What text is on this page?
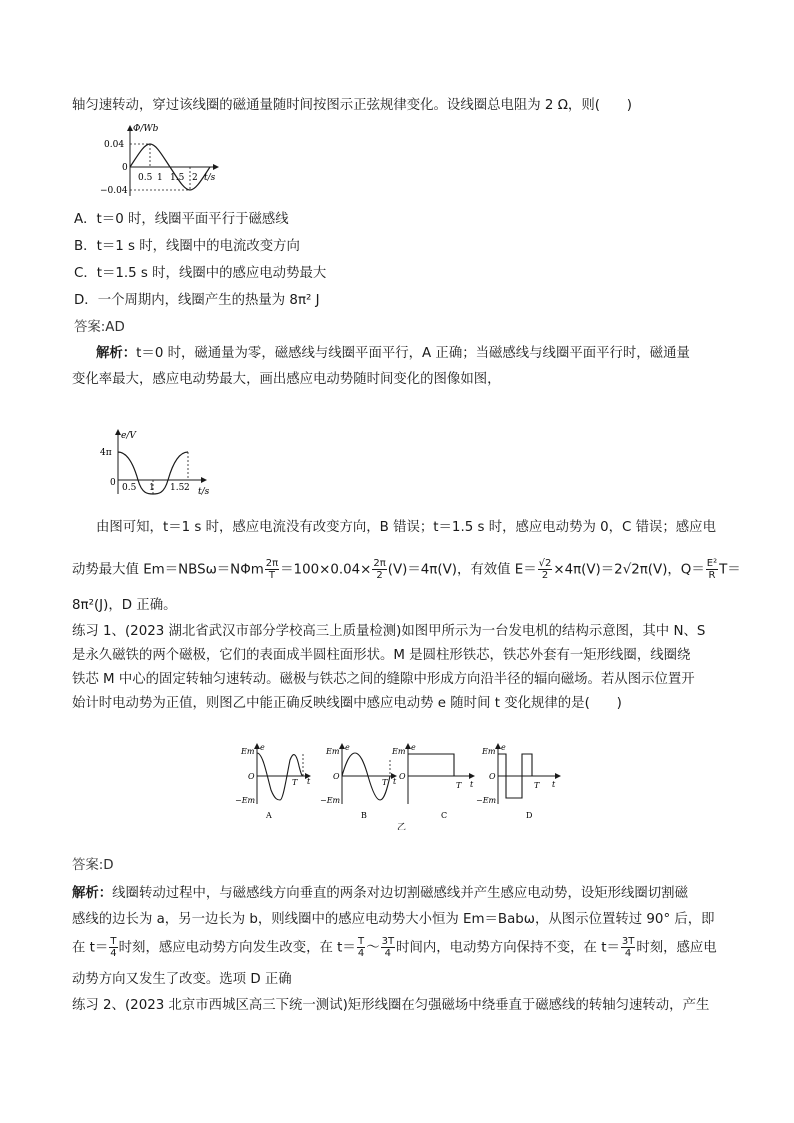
轴匀速转动，穿过该线圈的磁通量随时间按图示正弦规律变化。设线圈总电阻为 2 Ω，则(　　)
Φ/Wb
0.04
0
−0.04
0.5 1 1.5 2 t/s
A．t＝0 时，线圈平面平行于磁感线
B．t＝1 s 时，线圈中的电流改变方向
C．t＝1.5 s 时，线圈中的感应电动势最大
D．一个周期内，线圈产生的热量为 8π² J
答案:AD
解析：t＝0 时，磁通量为零，磁感线与线圈平面平行，A 正确；当磁感线与线圈平面平行时，磁通量
变化率最大，感应电动势最大，画出感应电动势随时间变化的图像如图，
e/V
4π
0 0.5 1 1.5 2 t/s
由图可知，t＝1 s 时，感应电流没有改变方向，B 错误；t＝1.5 s 时，感应电动势为 0，C 错误；感应电
动势最大值 $Em=NBS\omega=N\Phi m \frac{2\pi}{T} =100\times 0.04\times \frac{2\pi}{2} (V)=4\pi(V)$，有效值 $E= \frac{√2}{2} \times 4\pi(V)=2√2\pi(V)$，$Q= \frac{\text{E²}}{R} T=$
8π²(J)，D 正确。
练习 1、(2023 湖北省武汉市部分学校高三上质量检测)如图甲所示为一台发电机的结构示意图，其中 N、S
是永久磁铁的两个磁极，它们的表面成半圆柱面形状。M 是圆柱形铁芯，铁芯外套有一矩形线圈，线圈绕
铁芯 M 中心的固定转轴匀速转动。磁极与铁芯之间的缝隙中形成方向沿半径的辐向磁场。若从图示位置开
始计时电动势为正值，则图乙中能正确反映线圈中感应电动势 e 随时间 t 变化规律的是(　　)
Em e
O
−Em
T t
A
Em e
O
−Em
T t
B
Em e
O
T t
C
Em e
O
−Em
T t
D
乙
答案:D
解析：线圈转动过程中，与磁感线方向垂直的两条对边切割磁感线并产生感应电动势，设矩形线圈切割磁
感线的边长为 a，另一边长为 b，则线圈中的感应电动势大小恒为 Em＝Babω，从图示位置转过 90° 后，即
在 $t= \frac{T}{4}$ 时刻，感应电动势方向发生改变，在 $t= \frac{T}{4}$ ～ $\frac{3T}{4}$ 时间内，电动势方向保持不变，在 $t= \frac{3T}{4}$ 时刻，感应电
动势方向又发生了改变。选项 D 正确
练习 2、(2023 北京市西城区高三下统一测试)矩形线圈在匀强磁场中绕垂直于磁感线的转轴匀速转动，产生
